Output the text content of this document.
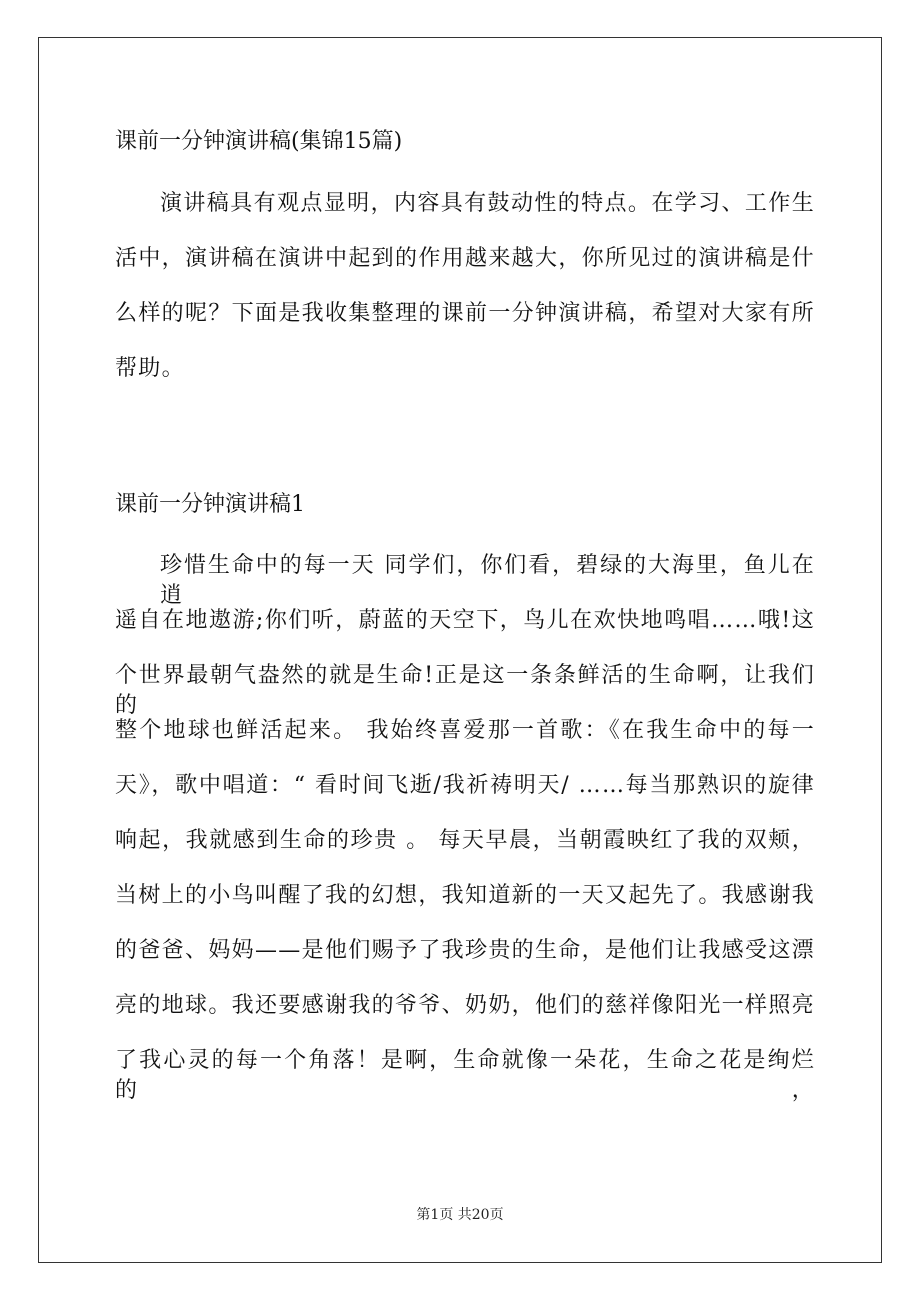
课前一分钟演讲稿(集锦15篇)

演讲稿具有观点显明，内容具有鼓动性的特点。在学习、工作生

活中，演讲稿在演讲中起到的作用越来越大，你所见过的演讲稿是什

么样的呢？下面是我收集整理的课前一分钟演讲稿，希望对大家有所

帮助。

课前一分钟演讲稿1

珍惜生命中的每一天 同学们，你们看，碧绿的大海里，鱼儿在逍

遥自在地遨游;你们听，蔚蓝的天空下，鸟儿在欢快地鸣唱……哦!这

个世界最朝气盎然的就是生命!正是这一条条鲜活的生命啊，让我们的

整个地球也鲜活起来。 我始终喜爱那一首歌：《在我生命中的每一

天》，歌中唱道：“ 看时间飞逝/我祈祷明天/ ……每当那熟识的旋律

响起，我就感到生命的珍贵 。 每天早晨，当朝霞映红了我的双颊，

当树上的小鸟叫醒了我的幻想，我知道新的一天又起先了。我感谢我

的爸爸、妈妈——是他们赐予了我珍贵的生命，是他们让我感受这漂

亮的地球。我还要感谢我的爷爷、奶奶，他们的慈祥像阳光一样照亮

了我心灵的每一个角落！是啊，生命就像一朵花，生命之花是绚烂的，

第1页 共20页
